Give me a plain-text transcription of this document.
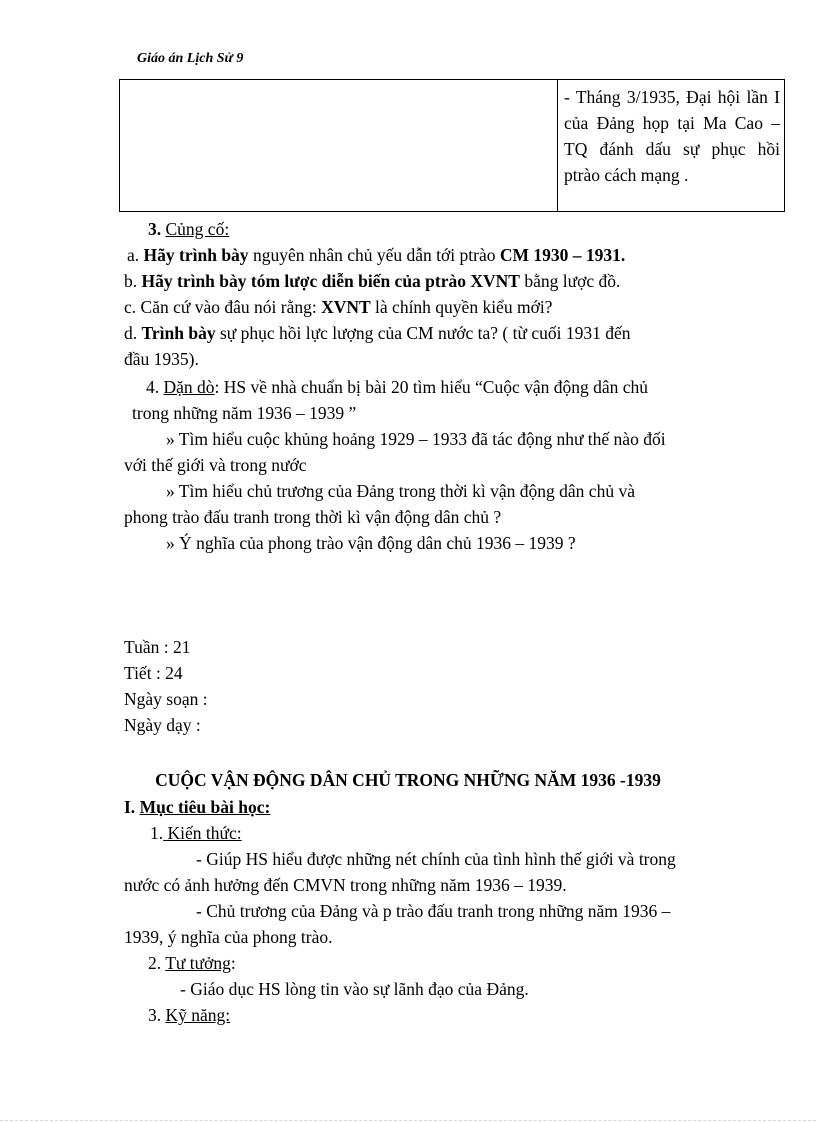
Giáo án Lịch Sử 9
- Tháng 3/1935, Đại hội lần I của Đảng họp tại Ma Cao – TQ đánh dấu sự phục hồi ptrào cách mạng .
3. Củng cố:
a. Hãy trình bày nguyên nhân chủ yếu dẫn tới ptrào CM 1930 – 1931.
b. Hãy trình bày tóm lược diễn biến của ptrào XVNT bằng lược đồ.
c. Căn cứ vào đâu nói rằng: XVNT là chính quyền kiểu mới?
d. Trình bày sự phục hồi lực lượng của CM nước ta? ( từ cuối 1931 đến
đầu 1935).
4. Dặn dò: HS về nhà chuẩn bị bài 20 tìm hiểu “Cuộc vận động dân chủ
trong những năm 1936 – 1939 ”
» Tìm hiểu cuộc khủng hoảng 1929 – 1933 đã tác động như thế nào đối
với thế giới và trong nước
» Tìm hiểu chủ trương của Đảng trong thời kì vận động dân chủ và
phong trào đấu tranh trong thời kì vận động dân chủ ?
» Ý nghĩa của phong trào vận động dân chủ 1936 – 1939 ?
Tuần : 21
Tiết : 24
Ngày soạn :
Ngày dạy :
CUỘC VẬN ĐỘNG DÂN CHỦ TRONG NHỮNG NĂM 1936 -1939
I. Mục tiêu bài học:
1. Kiến thức:
- Giúp HS hiểu được những nét chính của tình hình thế giới và trong
nước có ảnh hưởng đến CMVN trong những năm 1936 – 1939.
- Chủ trương của Đảng và p trào đấu tranh trong những năm 1936 –
1939, ý nghĩa của phong trào.
2. Tư tưởng:
- Giáo dục HS lòng tin vào sự lãnh đạo của Đảng.
3. Kỹ năng:
